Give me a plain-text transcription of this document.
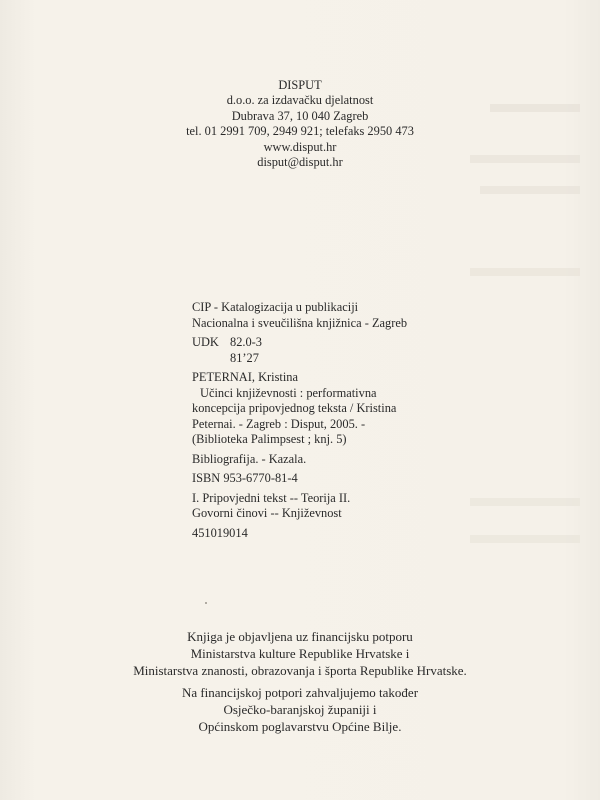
DISPUT
d.o.o. za izdavačku djelatnost
Dubrava 37, 10 040 Zagreb
tel. 01 2991 709, 2949 921; telefaks 2950 473
www.disput.hr
disput@disput.hr
CIP - Katalogizacija u publikaciji
Nacionalna i sveučilišna knjižnica - Zagreb
UDK 82.0-3
81’27
PETERNAI, Kristina
Učinci književnosti : performativna
koncepcija pripovjednog teksta / Kristina
Peternai. - Zagreb : Disput, 2005. -
(Biblioteka Palimpsest ; knj. 5)
Bibliografija. - Kazala.
ISBN 953-6770-81-4
I. Pripovjedni tekst -- Teorija II.
Govorni činovi -- Književnost
451019014
Knjiga je objavljena uz financijsku potporu
Ministarstva kulture Republike Hrvatske i
Ministarstva znanosti, obrazovanja i športa Republike Hrvatske.
Na financijskoj potpori zahvaljujemo također
Osječko-baranjskoj županiji i
Općinskom poglavarstvu Općine Bilje.
